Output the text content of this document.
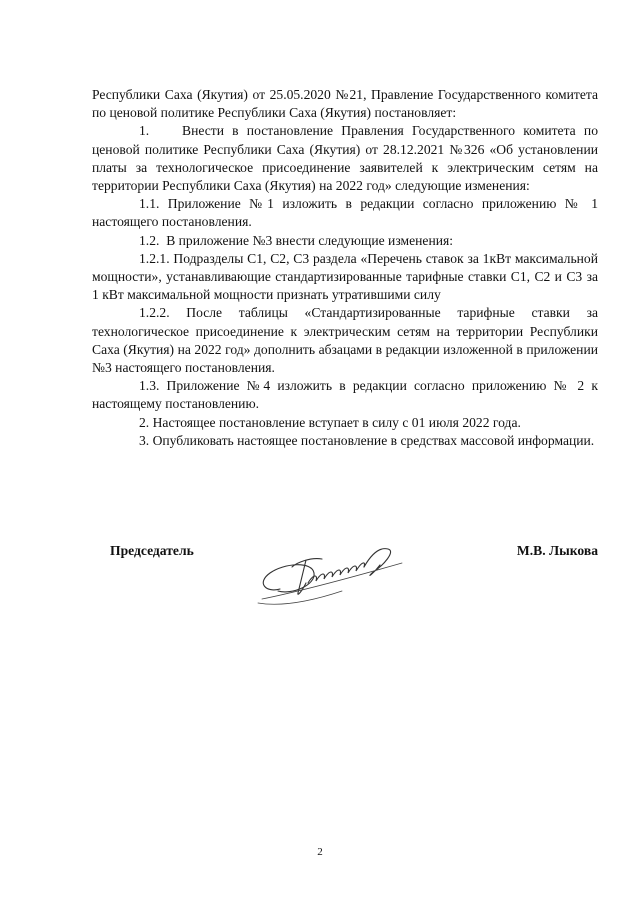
Республики Саха (Якутия) от 25.05.2020 №21, Правление Государственного комитета по ценовой политике Республики Саха (Якутия) постановляет:

1.    Внести в постановление Правления Государственного комитета по ценовой политике Республики Саха (Якутия) от 28.12.2021 №326 «Об установлении платы за технологическое присоединение заявителей к электрическим сетям на территории Республики Саха (Якутия) на 2022 год» следующие изменения:

1.1. Приложение №1 изложить в редакции согласно приложению № 1 настоящего постановления.

1.2.  В приложение №3 внести следующие изменения:

1.2.1. Подразделы С1, С2, С3 раздела «Перечень ставок за 1кВт максимальной мощности», устанавливающие стандартизированные тарифные ставки С1, С2 и С3 за 1 кВт максимальной мощности признать утратившими силу

1.2.2. После таблицы «Стандартизированные тарифные ставки за технологическое присоединение к электрическим сетям на территории Республики Саха (Якутия) на 2022 год» дополнить абзацами в редакции изложенной в приложении №3 настоящего постановления.

1.3. Приложение №4 изложить в редакции согласно приложению № 2 к настоящему постановлению.

2. Настоящее постановление вступает в силу с 01 июля 2022 года.

3. Опубликовать настоящее постановление в средствах массовой информации.

Председатель	М.В. Лыкова
2
